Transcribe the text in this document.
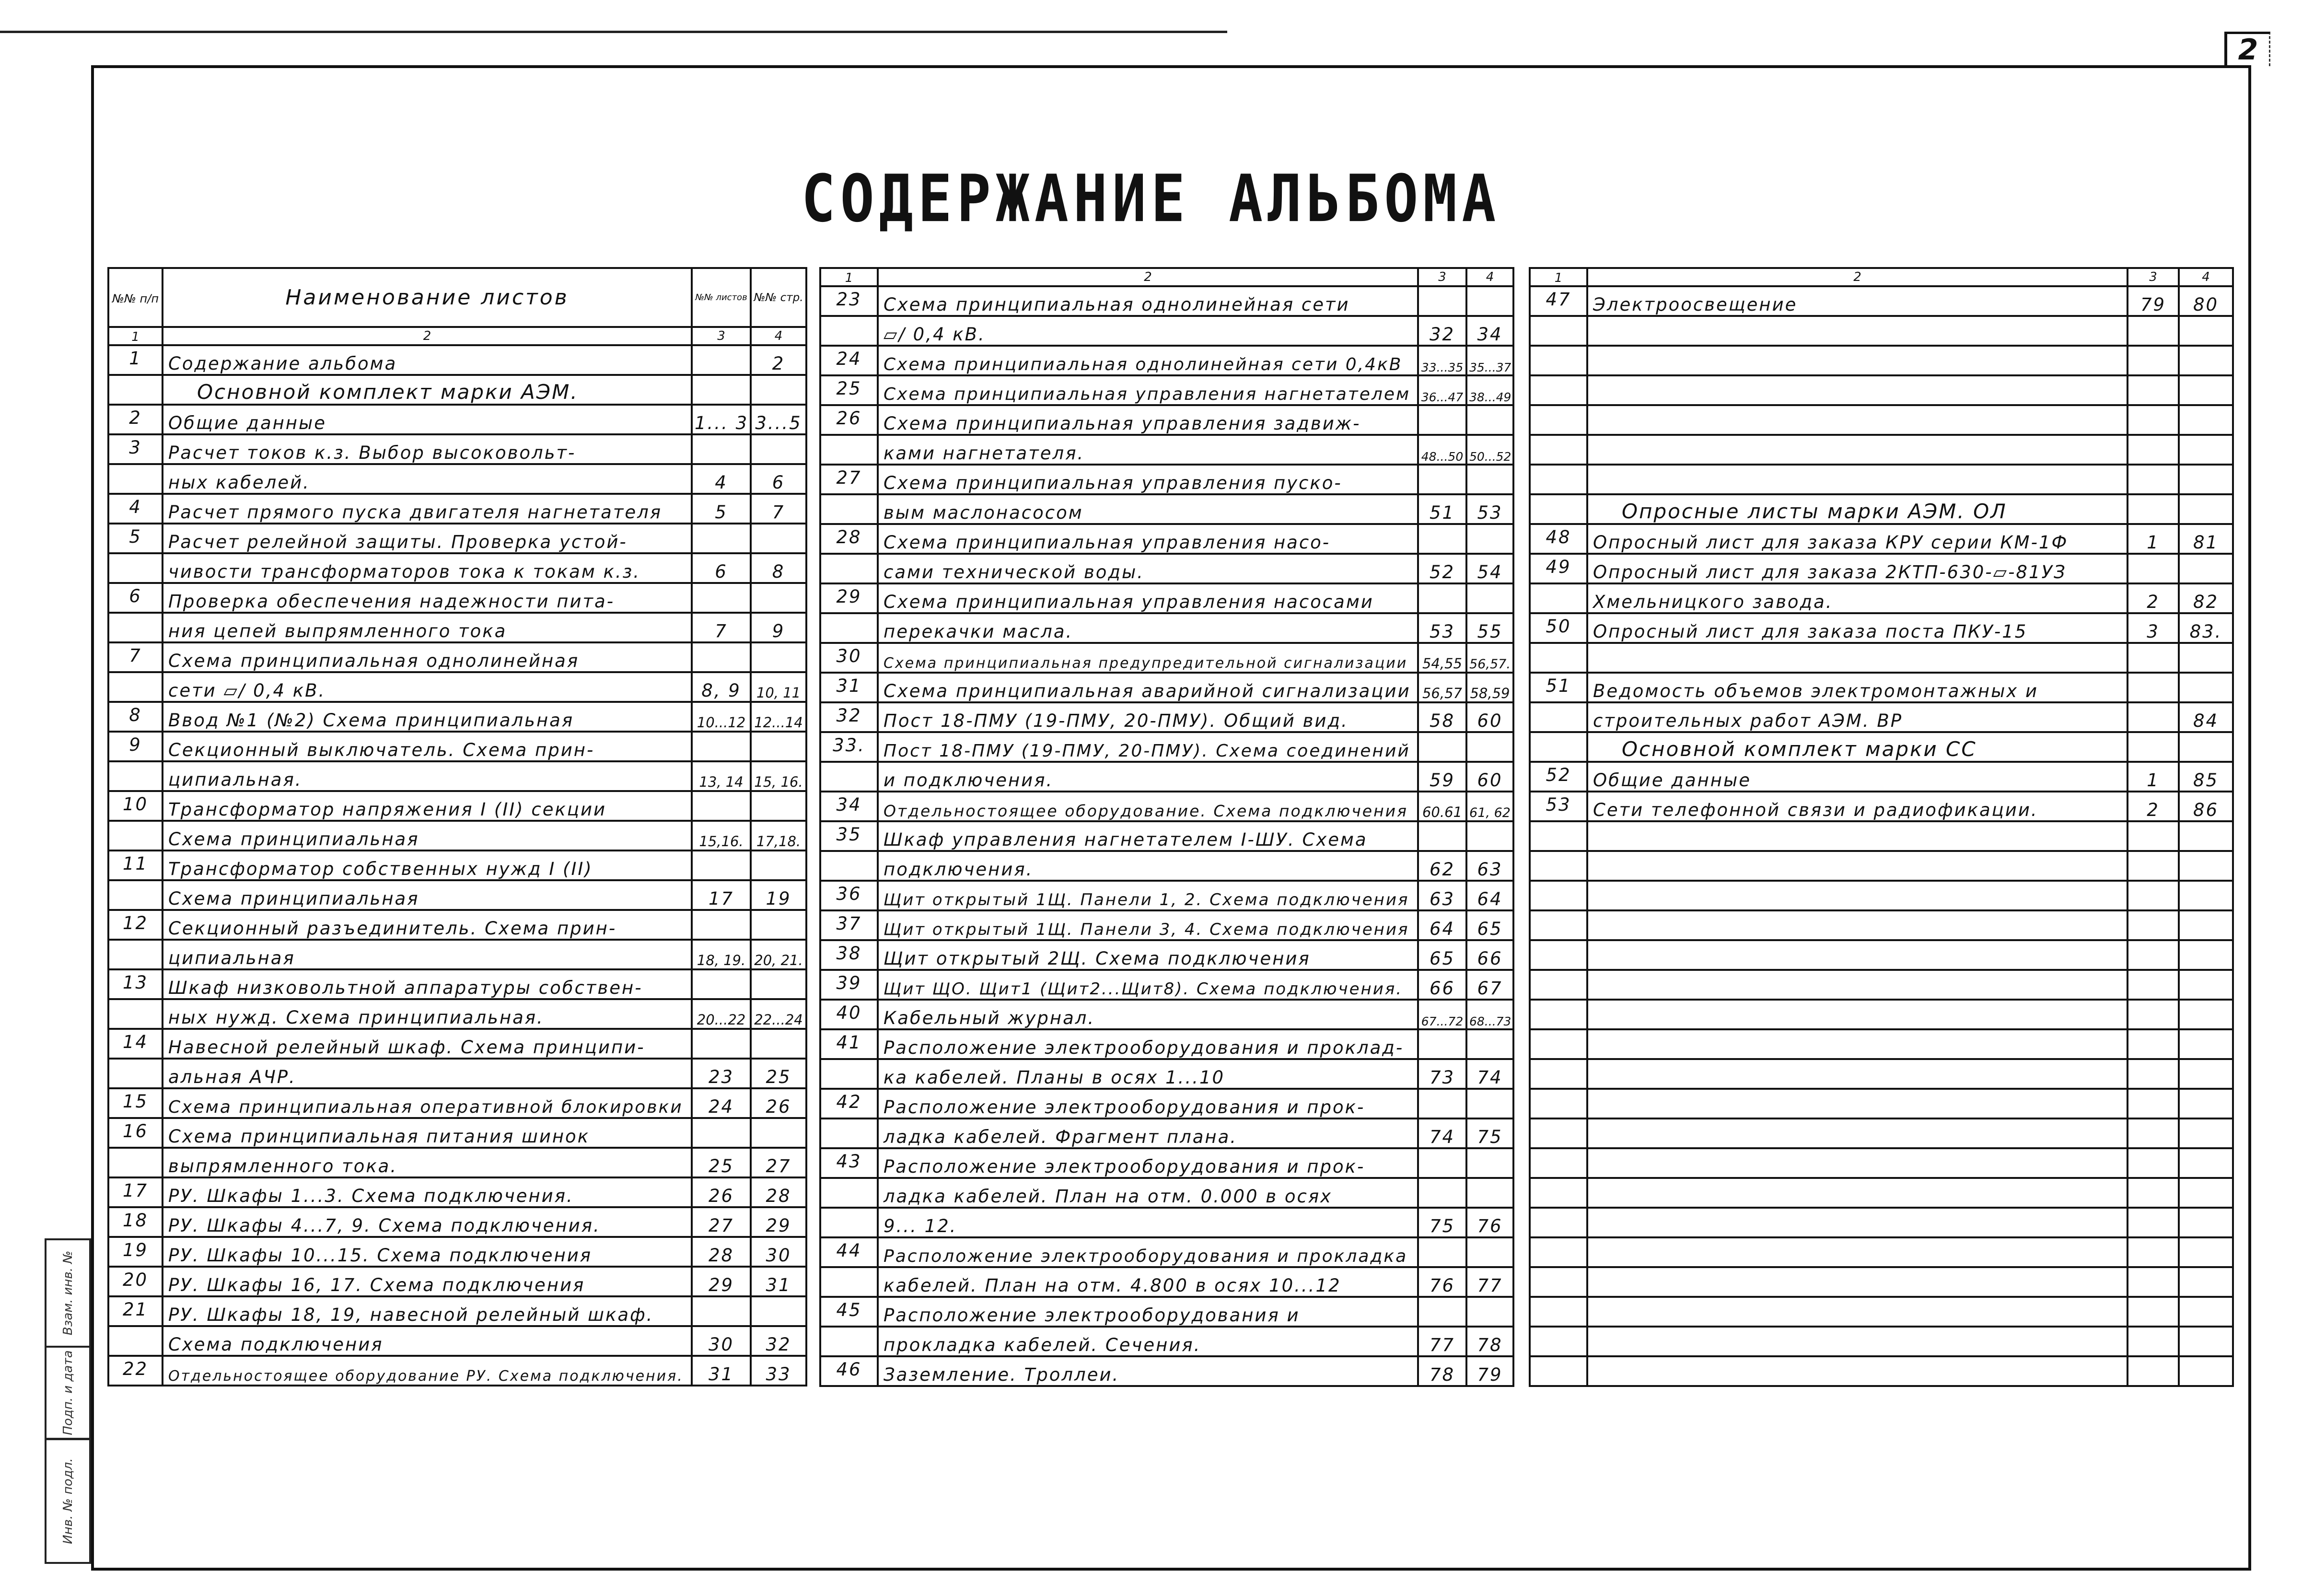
2
Взам. инв. №
Подп. и дата
Инв. № подл.
СОДЕРЖАНИЕ АЛЬБОМА
№№ п/п	Наименование листов	№№ листов	№№ стр.
1	2	3	4
1	Содержание альбома		2
	Основной комплект марки АЭМ.		
2	Общие данные	1... 3	3...5
3	Расчет токов к.з. Выбор высоковольт-		
	ных кабелей.	4	6
4	Расчет прямого пуска двигателя нагнетателя	5	7
5	Расчет релейной защиты. Проверка устой-		
	чивости трансформаторов тока к токам к.з.	6	8
6	Проверка обеспечения надежности пита-		
	ния цепей выпрямленного тока	7	9
7	Схема принципиальная однолинейная		
	сети ▱/ 0,4 кВ.	8, 9	10, 11
8	Ввод №1 (№2) Схема принципиальная	10...12	12...14
9	Секционный выключатель. Схема прин-		
	ципиальная.	13, 14	15, 16.
10	Трансформатор напряжения I (II) секции		
	Схема принципиальная	15,16.	17,18.
11	Трансформатор собственных нужд I (II)		
	Схема принципиальная	17	19
12	Секционный разъединитель. Схема прин-		
	ципиальная	18, 19.	20, 21.
13	Шкаф низковольтной аппаратуры собствен-		
	ных нужд. Схема принципиальная.	20...22	22...24
14	Навесной релейный шкаф. Схема принципи-		
	альная АЧР.	23	25
15	Схема принципиальная оперативной блокировки	24	26
16	Схема принципиальная питания шинок		
	выпрямленного тока.	25	27
17	РУ. Шкафы 1...3. Схема подключения.	26	28
18	РУ. Шкафы 4...7, 9. Схема подключения.	27	29
19	РУ. Шкафы 10...15. Схема подключения	28	30
20	РУ. Шкафы 16, 17. Схема подключения	29	31
21	РУ. Шкафы 18, 19, навесной релейный шкаф.		
	Схема подключения	30	32
22	Отдельностоящее оборудование РУ. Схема подключения.	31	33
1	2	3	4
23	Схема принципиальная однолинейная сети		
	▱/ 0,4 кВ.	32	34
24	Схема принципиальная однолинейная сети 0,4кВ	33...35	35...37
25	Схема принципиальная управления нагнетателем	36...47	38...49
26	Схема принципиальная управления задвиж-		
	ками нагнетателя.	48...50	50...52
27	Схема принципиальная управления пуско-		
	вым маслонасосом	51	53
28	Схема принципиальная управления насо-		
	сами технической воды.	52	54
29	Схема принципиальная управления насосами		
	перекачки масла.	53	55
30	Схема принципиальная предупредительной сигнализации	54,55	56,57.
31	Схема принципиальная аварийной сигнализации	56,57	58,59
32	Пост 18-ПМУ (19-ПМУ, 20-ПМУ). Общий вид.	58	60
33.	Пост 18-ПМУ (19-ПМУ, 20-ПМУ). Схема соединений		
	и подключения.	59	60
34	Отдельностоящее оборудование. Схема подключения	60.61	61, 62
35	Шкаф управления нагнетателем I-ШУ. Схема		
	подключения.	62	63
36	Щит открытый 1Щ. Панели 1, 2. Схема подключения	63	64
37	Щит открытый 1Щ. Панели 3, 4. Схема подключения	64	65
38	Щит открытый 2Щ. Схема подключения	65	66
39	Щит ЩО. Щит1 (Щит2...Щит8). Схема подключения.	66	67
40	Кабельный журнал.	67...72	68...73
41	Расположение электрооборудования и проклад-		
	ка кабелей. Планы в осях 1...10	73	74
42	Расположение электрооборудования и прок-		
	ладка кабелей. Фрагмент плана.	74	75
43	Расположение электрооборудования и прок-		
	ладка кабелей. План на отм. 0.000 в осях		
	9... 12.	75	76
44	Расположение электрооборудования и прокладка		
	кабелей. План на отм. 4.800 в осях 10...12	76	77
45	Расположение электрооборудования и		
	прокладка кабелей. Сечения.	77	78
46	Заземление. Троллеи.	78	79
1	2	3	4
47	Электроосвещение	79	80

	Опросные листы марки АЭМ. ОЛ		
48	Опросный лист для заказа КРУ серии КМ-1Ф	1	81
49	Опросный лист для заказа 2КТП-630-▱-81УЗ		
	Хмельницкого завода.	2	82
50	Опросный лист для заказа поста ПКУ-15	3	83.

51	Ведомость объемов электромонтажных и		
	строительных работ АЭМ. ВР		84
	Основной комплект марки СС		
52	Общие данные	1	85
53	Сети телефонной связи и радиофикации.	2	86
